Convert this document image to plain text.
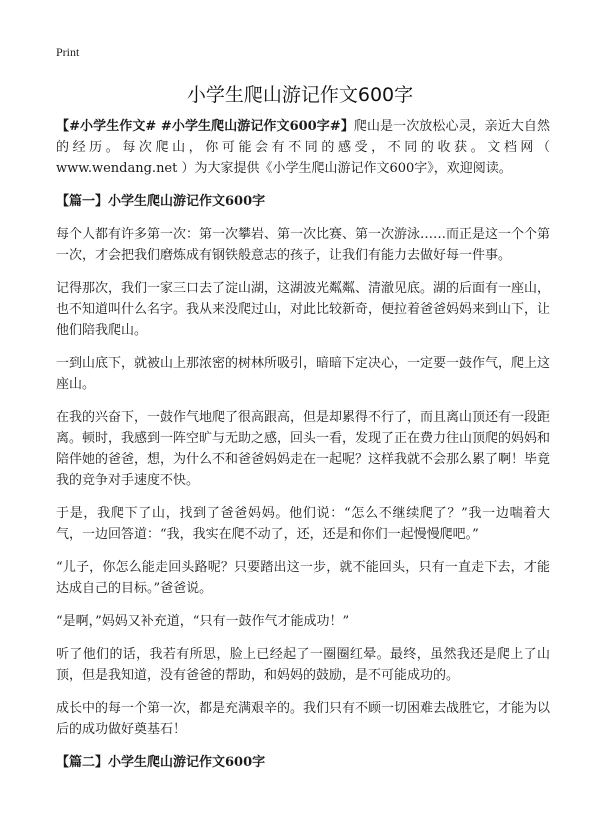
Print
小学生爬山游记作文600字

【#小学生作文# #小学生爬山游记作文600字#】爬山是一次放松心灵，亲近大自然的经历。每次爬山，你可能会有不同的感受，不同的收获。文档网（ www.wendang.net ）为大家提供《小学生爬山游记作文600字》，欢迎阅读。

【篇一】小学生爬山游记作文600字

每个人都有许多第一次：第一次攀岩、第一次比赛、第一次游泳……而正是这一个个第一次，才会把我们磨炼成有钢铁般意志的孩子，让我们有能力去做好每一件事。

记得那次，我们一家三口去了淀山湖，这湖波光粼粼、清澈见底。湖的后面有一座山，也不知道叫什么名字。我从来没爬过山，对此比较新奇，便拉着爸爸妈妈来到山下，让他们陪我爬山。

一到山底下，就被山上那浓密的树林所吸引，暗暗下定决心，一定要一鼓作气，爬上这座山。

在我的兴奋下，一鼓作气地爬了很高跟高，但是却累得不行了，而且离山顶还有一段距离。顿时，我感到一阵空旷与无助之感，回头一看，发现了正在费力往山顶爬的妈妈和陪伴她的爸爸，想，为什么不和爸爸妈妈走在一起呢？这样我就不会那么累了啊！毕竟我的竞争对手速度不快。

于是，我爬下了山，找到了爸爸妈妈。他们说：“怎么不继续爬了？”我一边喘着大气，一边回答道：“我，我实在爬不动了，还，还是和你们一起慢慢爬吧。”

“儿子，你怎么能走回头路呢？只要踏出这一步，就不能回头，只有一直走下去，才能达成自己的目标。”爸爸说。

“是啊，”妈妈又补充道，“只有一鼓作气才能成功！”

听了他们的话，我若有所思，脸上已经起了一圈圈红晕。最终，虽然我还是爬上了山顶，但是我知道，没有爸爸的帮助，和妈妈的鼓励，是不可能成功的。

成长中的每一个第一次，都是充满艰辛的。我们只有不顾一切困难去战胜它，才能为以后的成功做好奠基石！

【篇二】小学生爬山游记作文600字
